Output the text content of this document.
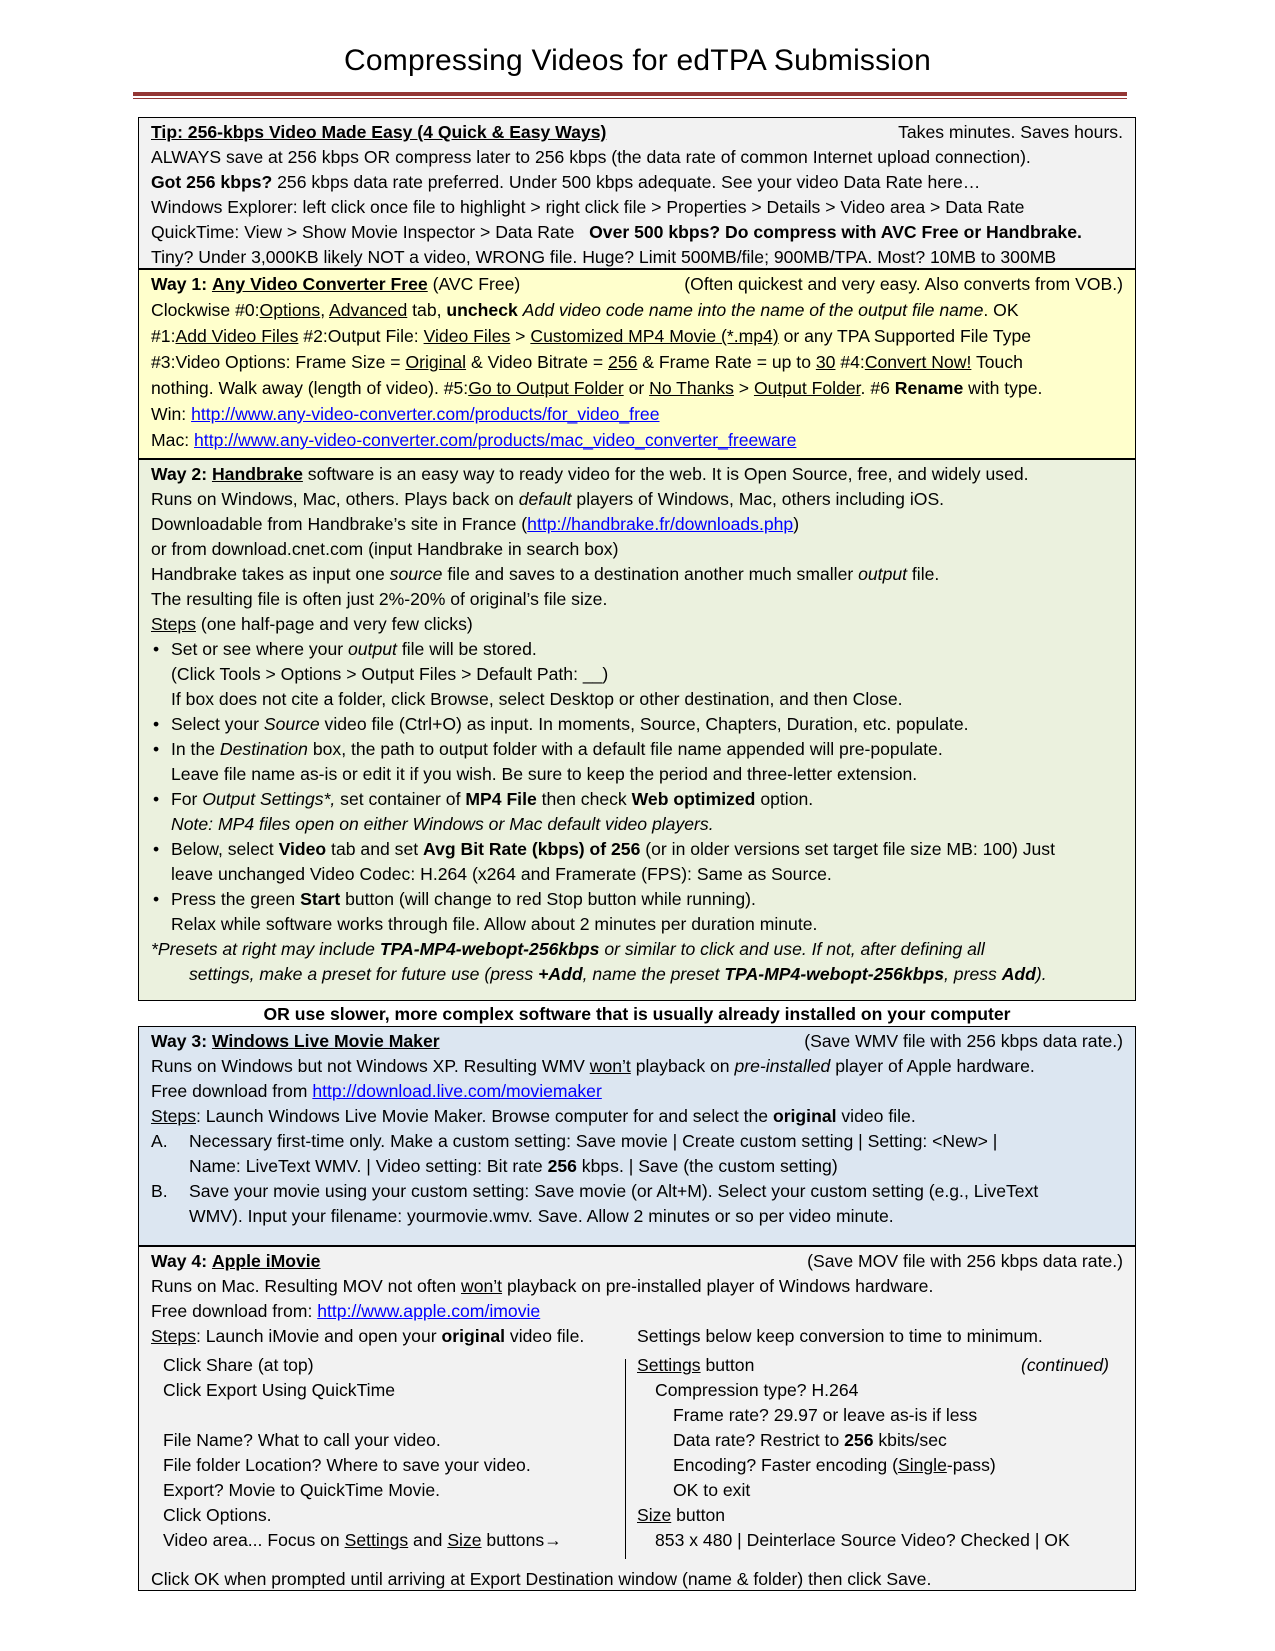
Compressing Videos for edTPA Submission
Tip: 256-kbps Video Made Easy (4 Quick & Easy Ways)	Takes minutes. Saves hours.
ALWAYS save at 256 kbps OR compress later to 256 kbps (the data rate of common Internet upload connection).
Got 256 kbps? 256 kbps data rate preferred. Under 500 kbps adequate. See your video Data Rate here…
Windows Explorer: left click once file to highlight > right click file > Properties > Details > Video area > Data Rate
QuickTime: View > Show Movie Inspector > Data Rate Over 500 kbps? Do compress with AVC Free or Handbrake.
Tiny? Under 3,000KB likely NOT a video, WRONG file. Huge? Limit 500MB/file; 900MB/TPA. Most? 10MB to 300MB
Way 1: Any Video Converter Free (AVC Free)	(Often quickest and very easy. Also converts from VOB.)
Clockwise #0:Options, Advanced tab, uncheck Add video code name into the name of the output file name. OK
#1:Add Video Files #2:Output File: Video Files > Customized MP4 Movie (*.mp4) or any TPA Supported File Type
#3:Video Options: Frame Size = Original & Video Bitrate = 256 & Frame Rate = up to 30 #4:Convert Now! Touch
nothing. Walk away (length of video). #5:Go to Output Folder or No Thanks > Output Folder. #6 Rename with type.
Win: http://www.any-video-converter.com/products/for_video_free
Mac: http://www.any-video-converter.com/products/mac_video_converter_freeware
Way 2: Handbrake software is an easy way to ready video for the web. It is Open Source, free, and widely used.
Runs on Windows, Mac, others. Plays back on default players of Windows, Mac, others including iOS.
Downloadable from Handbrake’s site in France (http://handbrake.fr/downloads.php)
or from download.cnet.com (input Handbrake in search box)
Handbrake takes as input one source file and saves to a destination another much smaller output file.
The resulting file is often just 2%-20% of original’s file size.
Steps (one half-page and very few clicks)
• Set or see where your output file will be stored.
(Click Tools > Options > Output Files > Default Path: __)
If box does not cite a folder, click Browse, select Desktop or other destination, and then Close.
• Select your Source video file (Ctrl+O) as input. In moments, Source, Chapters, Duration, etc. populate.
• In the Destination box, the path to output folder with a default file name appended will pre-populate.
Leave file name as-is or edit it if you wish. Be sure to keep the period and three-letter extension.
• For Output Settings*, set container of MP4 File then check Web optimized option.
Note: MP4 files open on either Windows or Mac default video players.
• Below, select Video tab and set Avg Bit Rate (kbps) of 256 (or in older versions set target file size MB: 100) Just
leave unchanged Video Codec: H.264 (x264 and Framerate (FPS): Same as Source.
• Press the green Start button (will change to red Stop button while running).
Relax while software works through file. Allow about 2 minutes per duration minute.
*Presets at right may include TPA-MP4-webopt-256kbps or similar to click and use. If not, after defining all
settings, make a preset for future use (press +Add, name the preset TPA-MP4-webopt-256kbps, press Add).
OR use slower, more complex software that is usually already installed on your computer
Way 3: Windows Live Movie Maker	(Save WMV file with 256 kbps data rate.)
Runs on Windows but not Windows XP. Resulting WMV won’t playback on pre-installed player of Apple hardware.
Free download from http://download.live.com/moviemaker
Steps: Launch Windows Live Movie Maker. Browse computer for and select the original video file.
A. Necessary first-time only. Make a custom setting: Save movie | Create custom setting | Setting: <New> |
Name: LiveText WMV. | Video setting: Bit rate 256 kbps. | Save (the custom setting)
B. Save your movie using your custom setting: Save movie (or Alt+M). Select your custom setting (e.g., LiveText
WMV). Input your filename: yourmovie.wmv. Save. Allow 2 minutes or so per video minute.
Way 4: Apple iMovie	(Save MOV file with 256 kbps data rate.)
Runs on Mac. Resulting MOV not often won’t playback on pre-installed player of Windows hardware.
Free download from: http://www.apple.com/imovie
Steps: Launch iMovie and open your original video file.	Settings below keep conversion to time to minimum.
Click Share (at top)
Click Export Using QuickTime
File Name? What to call your video.
File folder Location? Where to save your video.
Export? Movie to QuickTime Movie.
Click Options.
Video area... Focus on Settings and Size buttons→
Settings button	(continued)
Compression type? H.264
Frame rate? 29.97 or leave as-is if less
Data rate? Restrict to 256 kbits/sec
Encoding? Faster encoding (Single-pass)
OK to exit
Size button
853 x 480 | Deinterlace Source Video? Checked | OK
Click OK when prompted until arriving at Export Destination window (name & folder) then click Save.
